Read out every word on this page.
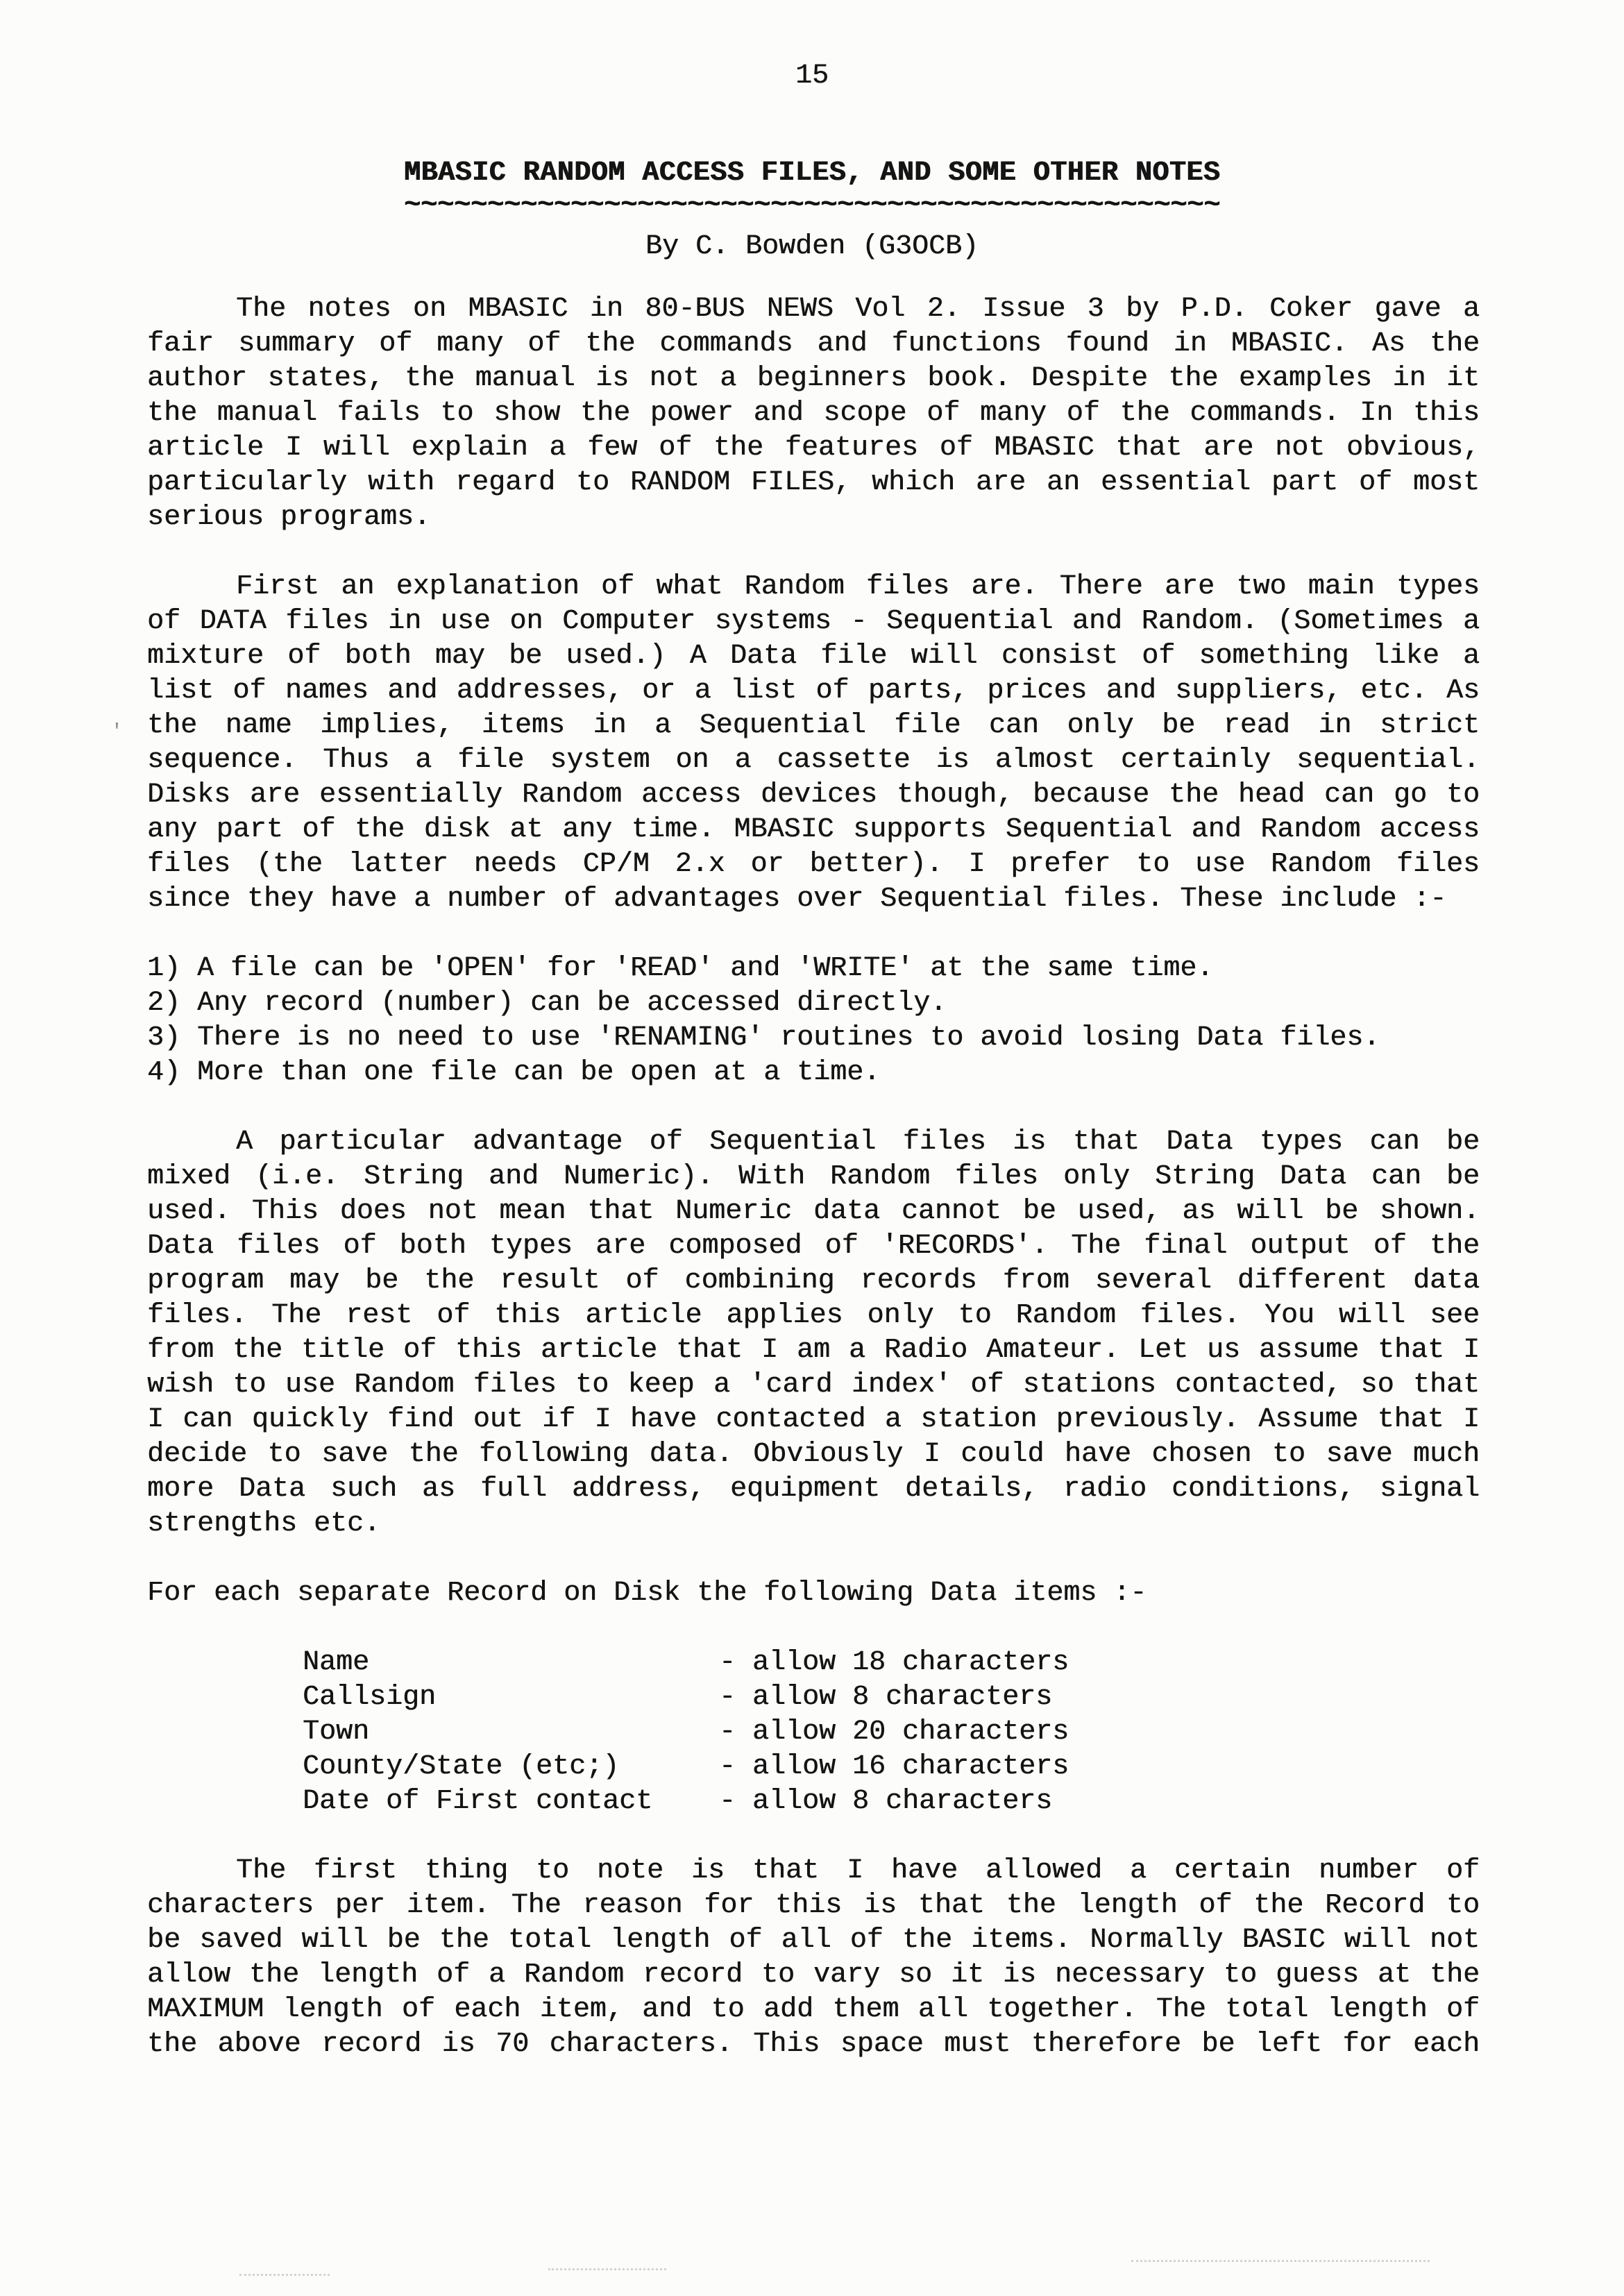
15
MBASIC RANDOM ACCESS FILES, AND SOME OTHER NOTES
~~~~~~~~~~~~~~~~~~~~~~~~~~~~~~~~~~~~~~~~~~~~~~~~~
By C. Bowden (G3OCB)
The notes on MBASIC in 80-BUS NEWS Vol 2. Issue 3 by P.D. Coker gave a
fair summary of many of the commands and functions found in MBASIC. As the
author states, the manual is not a beginners book. Despite the examples in it
the manual fails to show the power and scope of many of the commands. In this
article I will explain a few of the features of MBASIC that are not obvious,
particularly with regard to RANDOM FILES, which are an essential part of most
serious programs.
First an explanation of what Random files are. There are two main types
of DATA files in use on Computer systems - Sequential and Random. (Sometimes a
mixture of both may be used.) A Data file will consist of something like a
list of names and addresses, or a list of parts, prices and suppliers, etc. As
the name implies, items in a Sequential file can only be read in strict
sequence. Thus a file system on a cassette is almost certainly sequential.
Disks are essentially Random access devices though, because the head can go to
any part of the disk at any time. MBASIC supports Sequential and Random access
files (the latter needs CP/M 2.x or better). I prefer to use Random files
since they have a number of advantages over Sequential files. These include :-
1) A file can be 'OPEN' for 'READ' and 'WRITE' at the same time.
2) Any record (number) can be accessed directly.
3) There is no need to use 'RENAMING' routines to avoid losing Data files.
4) More than one file can be open at a time.
A particular advantage of Sequential files is that Data types can be
mixed (i.e. String and Numeric). With Random files only String Data can be
used. This does not mean that Numeric data cannot be used, as will be shown.
Data files of both types are composed of 'RECORDS'. The final output of the
program may be the result of combining records from several different data
files. The rest of this article applies only to Random files. You will see
from the title of this article that I am a Radio Amateur. Let us assume that I
wish to use Random files to keep a 'card index' of stations contacted, so that
I can quickly find out if I have contacted a station previously. Assume that I
decide to save the following data. Obviously I could have chosen to save much
more Data such as full address, equipment details, radio conditions, signal
strengths etc.
For each separate Record on Disk the following Data items :-
Name	- allow 18 characters
Callsign	- allow 8 characters
Town	- allow 20 characters
County/State (etc;)	- allow 16 characters
Date of First contact - allow 8 characters
The first thing to note is that I have allowed a certain number of
characters per item. The reason for this is that the length of the Record to
be saved will be the total length of all of the items. Normally BASIC will not
allow the length of a Random record to vary so it is necessary to guess at the
MAXIMUM length of each item, and to add them all together. The total length of
the above record is 70 characters. This space must therefore be left for each
'
